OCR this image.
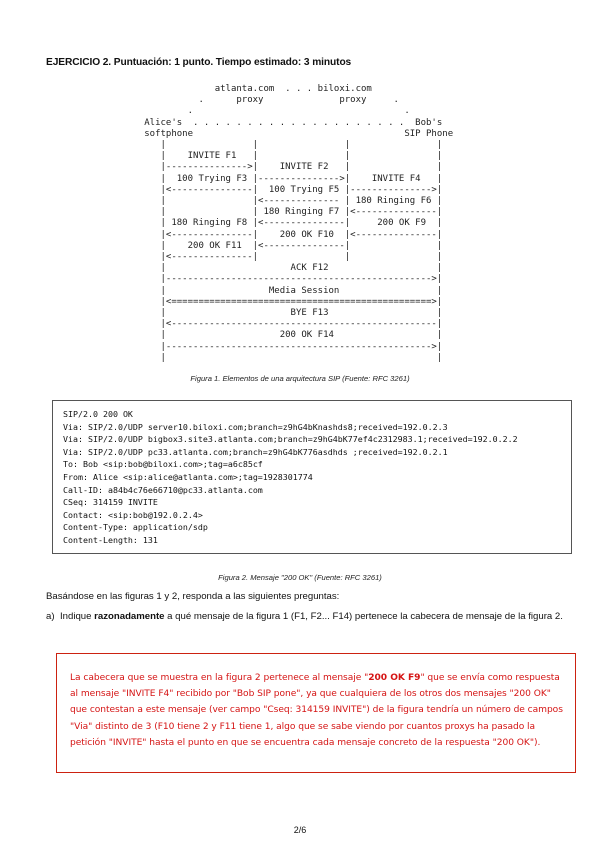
EJERCICIO 2. Puntuación: 1 punto. Tiempo estimado: 3 minutos
atlanta.com  . . . biloxi.com
.      proxy              proxy     .
.                                       .
Alice's  . . . . . . . . . . . . . . . . . . . .  Bob's
softphone                                       SIP Phone
|                |                |                |
|    INVITE F1   |                |                |
|--------------->|    INVITE F2   |                |
|  100 Trying F3 |--------------->|    INVITE F4   |
|<---------------|  100 Trying F5 |--------------->|
|                |<-------------- | 180 Ringing F6 |
|                | 180 Ringing F7 |<---------------|
| 180 Ringing F8 |<---------------|     200 OK F9  |
|<---------------|    200 OK F10  |<---------------|
|    200 OK F11  |<---------------|                |
|<---------------|                |                |
|                       ACK F12                    |
|------------------------------------------------->|
|                   Media Session                  |
|<================================================>|
|                       BYE F13                    |
|<-------------------------------------------------|
|                     200 OK F14                   |
|------------------------------------------------->|
|                                                  |
Figura 1. Elementos de una arquitectura SIP (Fuente: RFC 3261)
SIP/2.0 200 OK
Via: SIP/2.0/UDP server10.biloxi.com;branch=z9hG4bKnashds8;received=192.0.2.3
Via: SIP/2.0/UDP bigbox3.site3.atlanta.com;branch=z9hG4bK77ef4c2312983.1;received=192.0.2.2
Via: SIP/2.0/UDP pc33.atlanta.com;branch=z9hG4bK776asdhds ;received=192.0.2.1
To: Bob <sip:bob@biloxi.com>;tag=a6c85cf
From: Alice <sip:alice@atlanta.com>;tag=1928301774
Call-ID: a84b4c76e66710@pc33.atlanta.com
CSeq: 314159 INVITE
Contact: <sip:bob@192.0.2.4>
Content-Type: application/sdp
Content-Length: 131
Figura 2. Mensaje "200 OK" (Fuente: RFC 3261)
Basándose en las figuras 1 y 2, responda a las siguientes preguntas:
a) Indique razonadamente a qué mensaje de la figura 1 (F1, F2... F14) pertenece la cabecera de mensaje de la figura 2.
La cabecera que se muestra en la figura 2 pertenece al mensaje "200 OK F9" que se envía como respuesta al mensaje "INVITE F4" recibido por "Bob SIP pone", ya que cualquiera de los otros dos mensajes "200 OK" que contestan a este mensaje (ver campo "Cseq: 314159 INVITE") de la figura tendría un número de campos "Via" distinto de 3 (F10 tiene 2 y F11 tiene 1, algo que se sabe viendo por cuantos proxys ha pasado la petición "INVITE" hasta el punto en que se encuentra cada mensaje concreto de la respuesta "200 OK").
2/6
